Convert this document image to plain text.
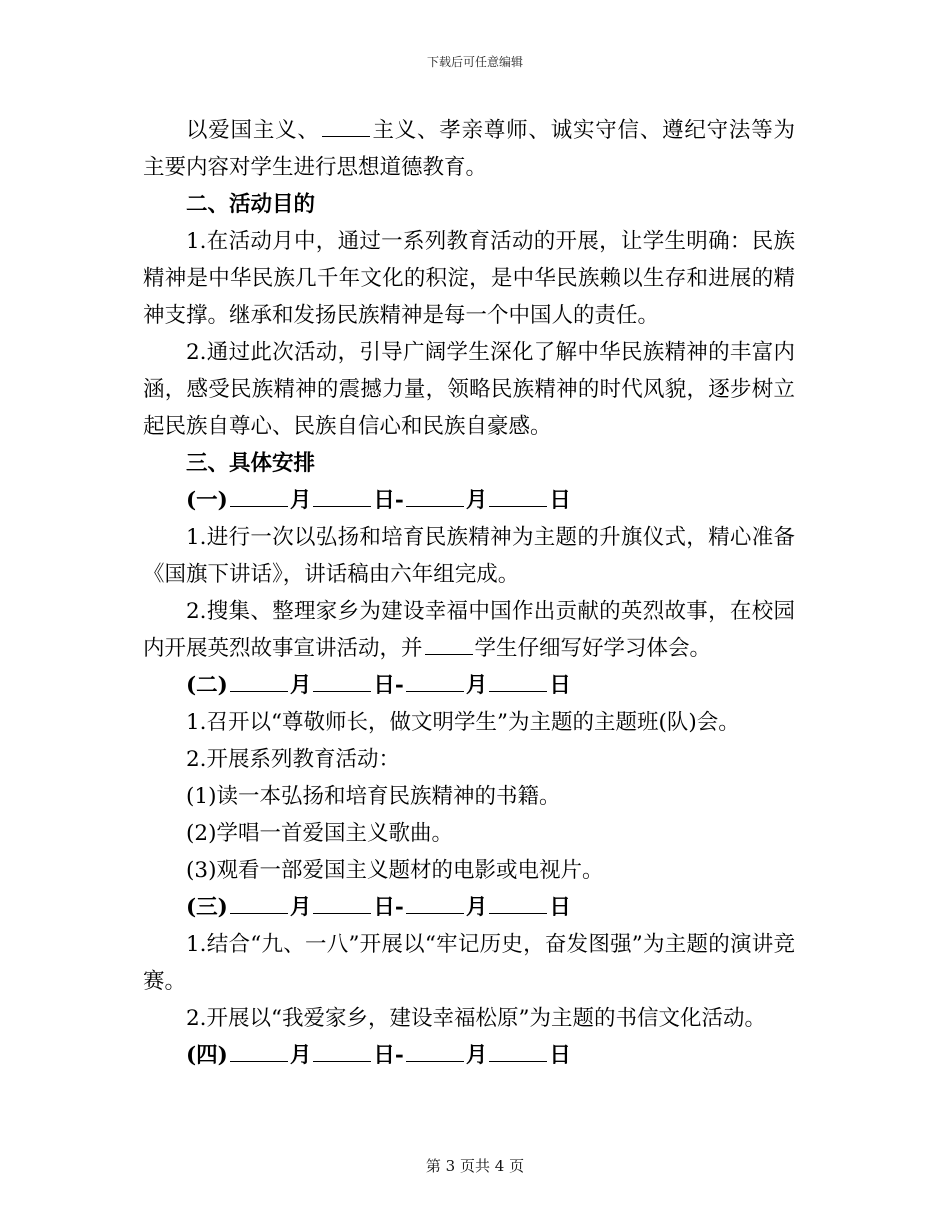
下载后可任意编辑

以爱国主义、 主义、孝亲尊师、诚实守信、遵纪守法等为主要内容对学生进行思想道德教育。

二、活动目的

1.在活动月中，通过一系列教育活动的开展，让学生明确：民族精神是中华民族几千年文化的积淀，是中华民族赖以生存和进展的精神支撑。继承和发扬民族精神是每一个中国人的责任。

2.通过此次活动，引导广阔学生深化了解中华民族精神的丰富内涵，感受民族精神的震撼力量，领略民族精神的时代风貌，逐步树立起民族自尊心、民族自信心和民族自豪感。

三、具体安排

(一)	月	日-	月	日

1.进行一次以弘扬和培育民族精神为主题的升旗仪式，精心准备《国旗下讲话》，讲话稿由六年组完成。

2.搜集、整理家乡为建设幸福中国作出贡献的英烈故事，在校园内开展英烈故事宣讲活动，并 学生仔细写好学习体会。

(二)	月	日-	月	日

1.召开以“尊敬师长，做文明学生”为主题的主题班(队)会。

2.开展系列教育活动：

(1)读一本弘扬和培育民族精神的书籍。

(2)学唱一首爱国主义歌曲。

(3)观看一部爱国主义题材的电影或电视片。

(三)	月	日-	月	日

1.结合“九、一八”开展以“牢记历史，奋发图强”为主题的演讲竞赛。

2.开展以“我爱家乡，建设幸福松原”为主题的书信文化活动。

(四)	月	日-	月	日

第 3 页共 4 页
